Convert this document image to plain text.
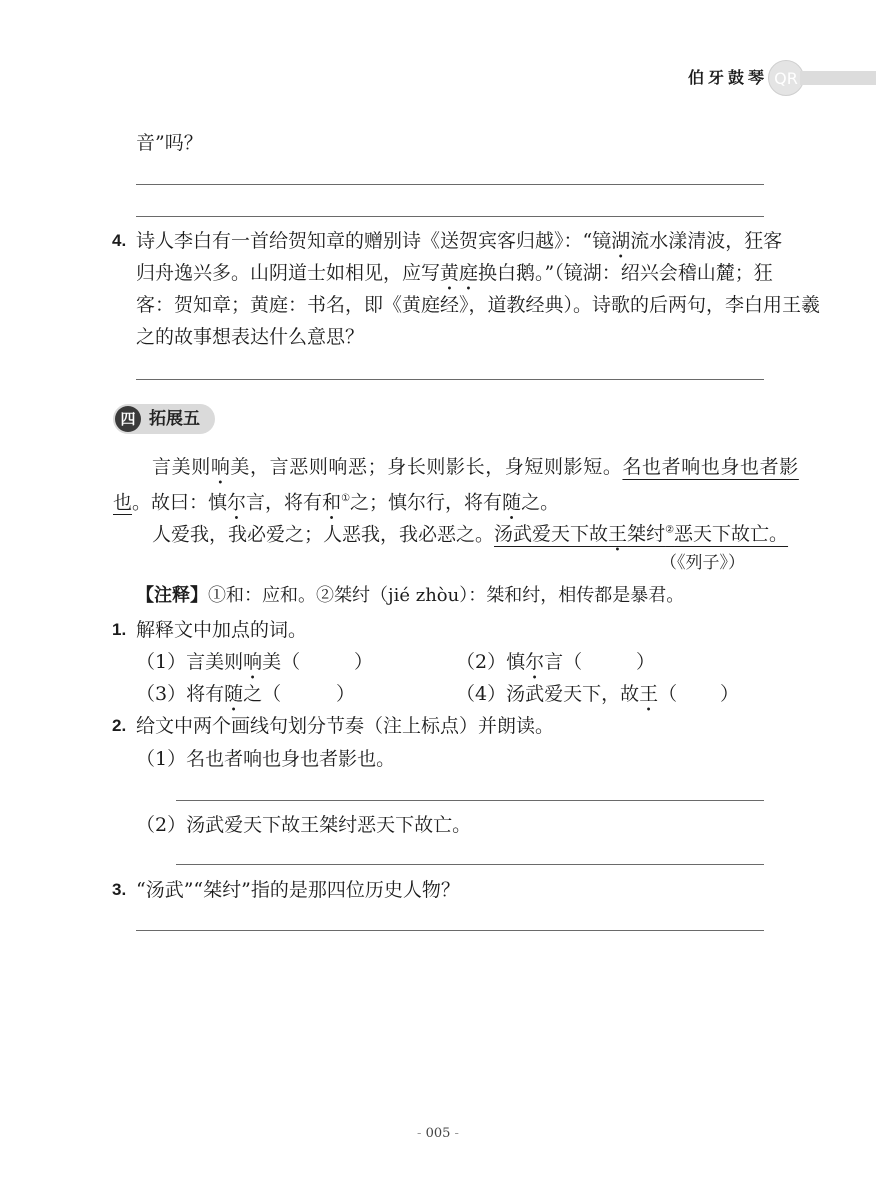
伯牙鼓琴 QR
音”吗？
4. 诗人李白有一首给贺知章的赠别诗《送贺宾客归越》：“镜湖流水漾清波，狂客
归舟逸兴多。山阴道士如相见，应写黄庭换白鹅。”（镜湖：绍兴会稽山麓；狂
客：贺知章；黄庭：书名，即《黄庭经》，道教经典）。诗歌的后两句，李白用王羲
之的故事想表达什么意思？
四 拓展五
言美则响美，言恶则响恶；身长则影长，身短则影短。名也者响也身也者影
也。故曰：慎尔言，将有和①之；慎尔行，将有随之。
人爱我，我必爱之；人恶我，我必恶之。汤武爱天下故王桀纣②恶天下故亡。
（《列子》）
【注释】①和：应和。②桀纣（jié zhòu）：桀和纣，相传都是暴君。
1. 解释文中加点的词。
（1）言美则响美（	）	（2）慎尔言（	）
（3）将有随之（	）	（4）汤武爱天下，故王（ ）
2. 给文中两个画线句划分节奏（注上标点）并朗读。
（1）名也者响也身也者影也。
（2）汤武爱天下故王桀纣恶天下故亡。
3. “汤武”“桀纣”指的是那四位历史人物？
- 005 -
